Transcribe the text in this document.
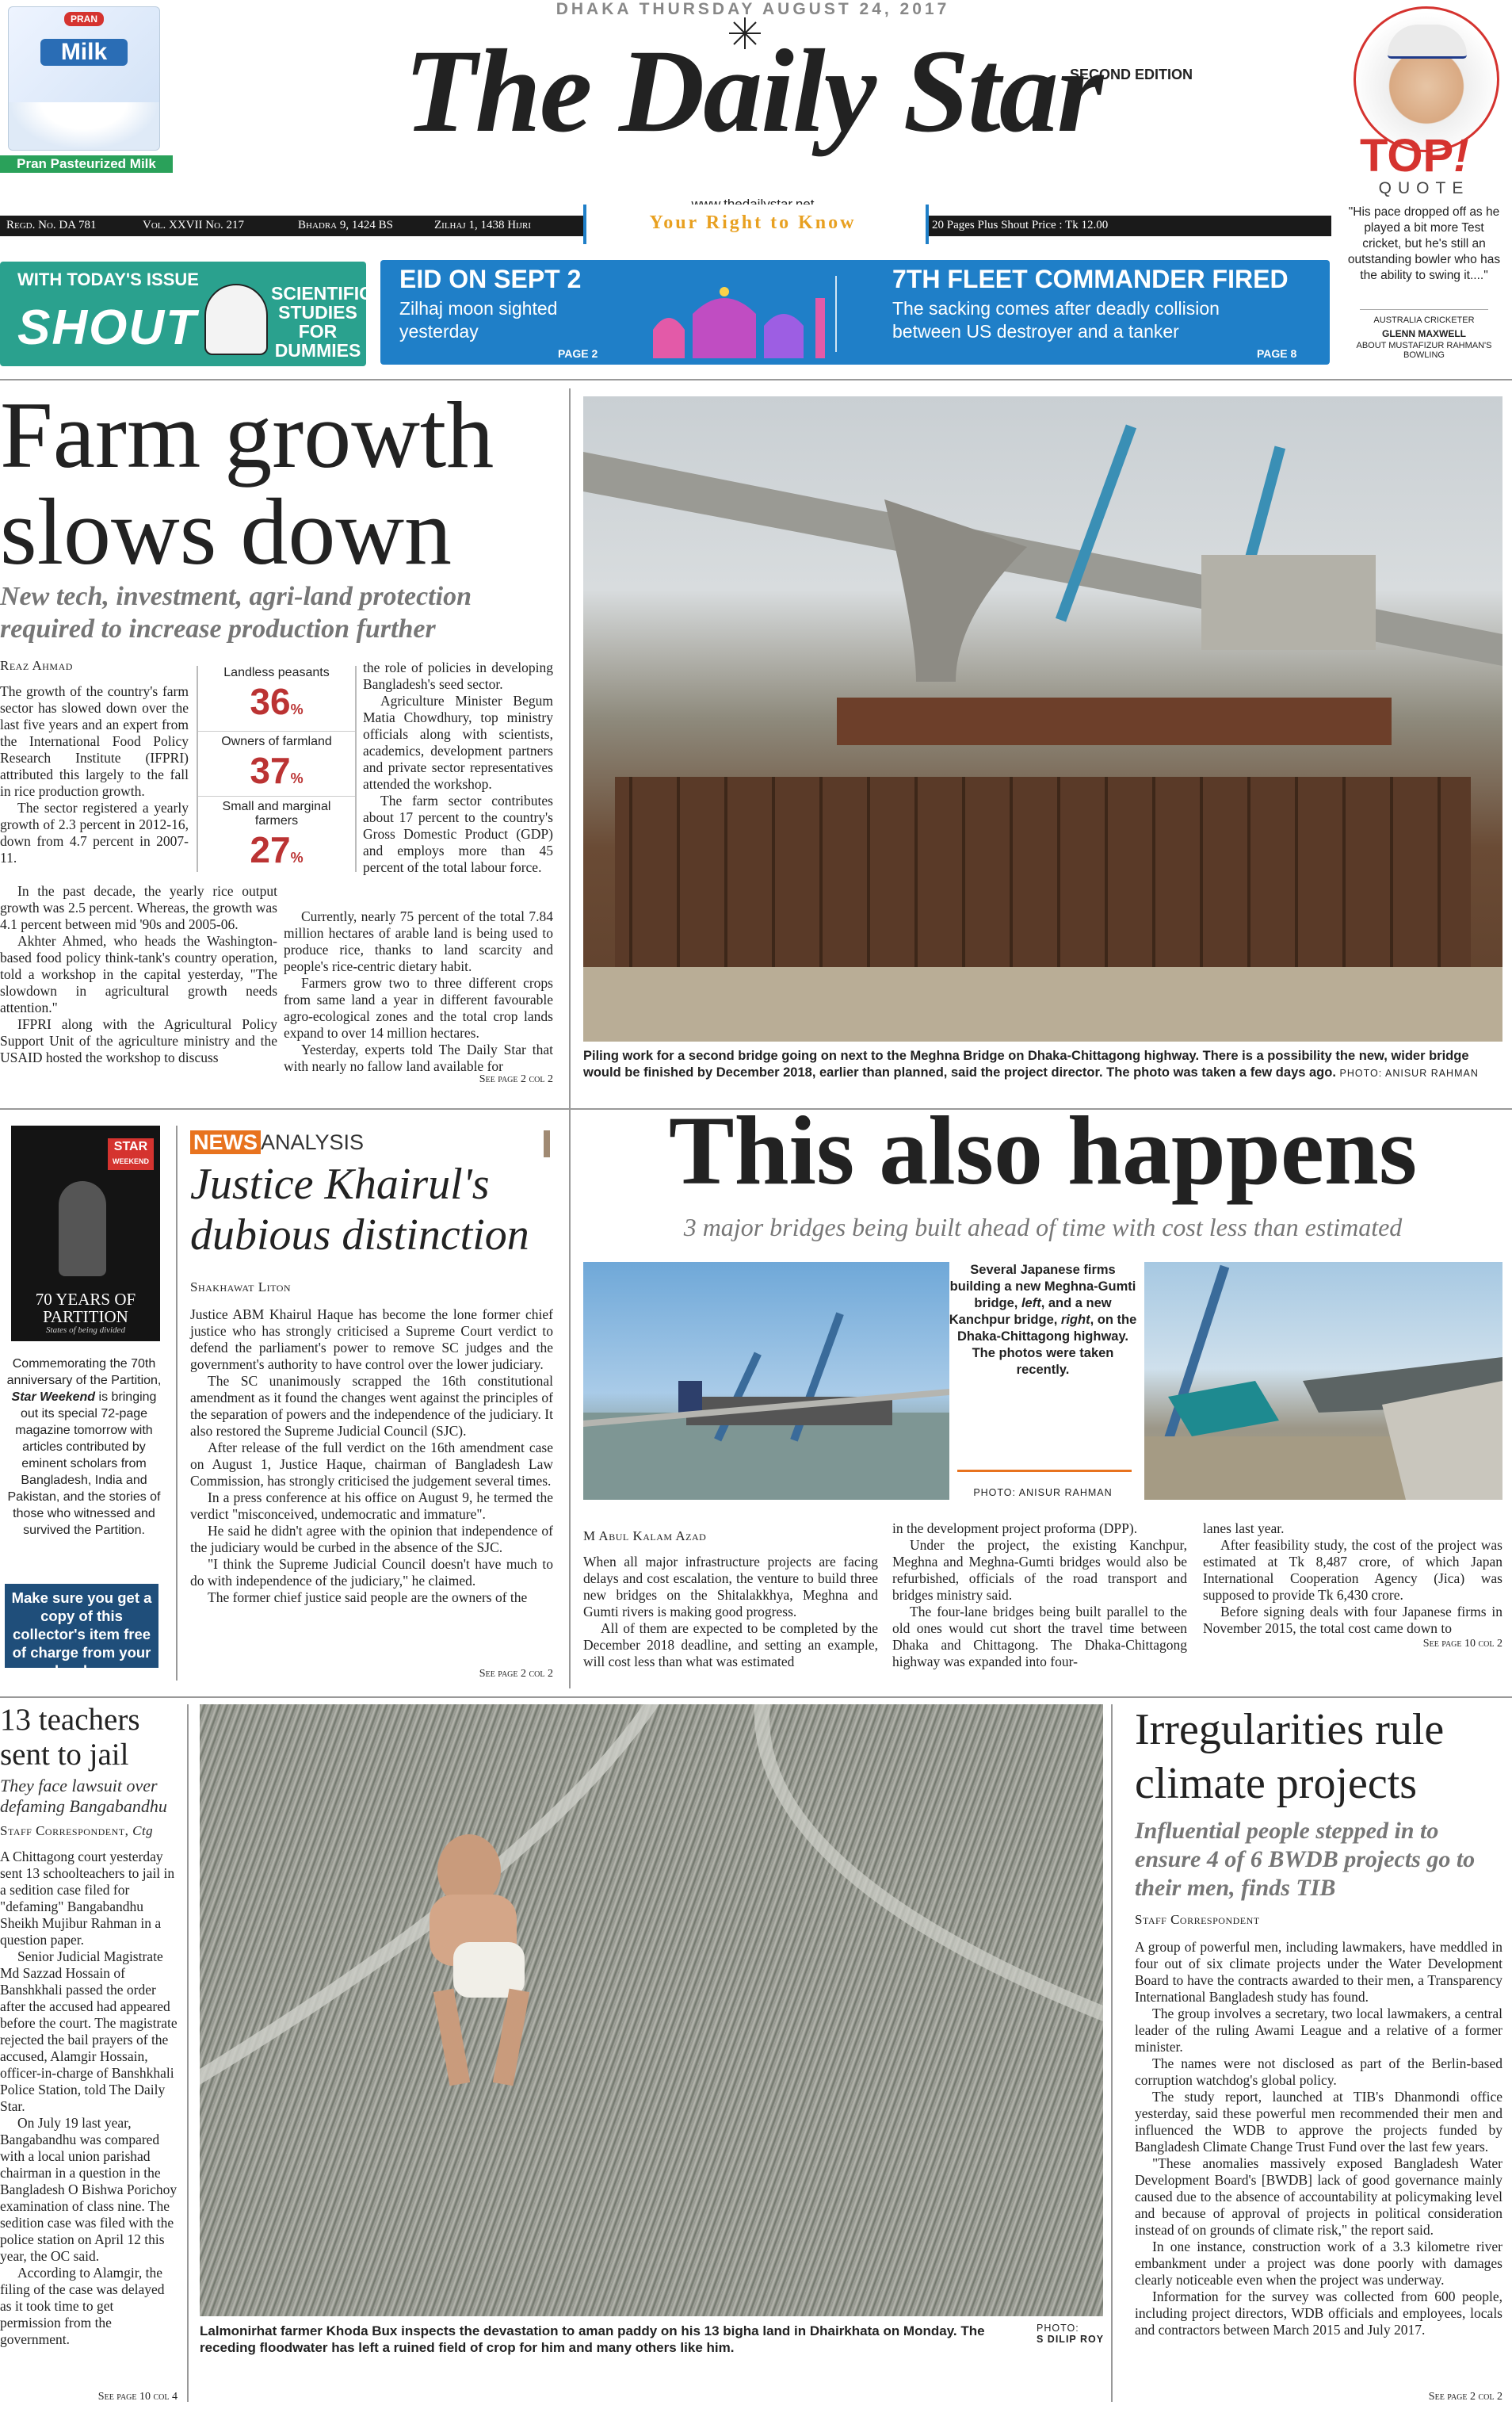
PRAN
Milk
Pran Pasteurized Milk
DHAKA THURSDAY AUGUST 24, 2017
The Daily Star
SECOND EDITION
Regd. No. DA 781	Vol. XXVII No. 217	Bhadra 9, 1424 BS	Zilhaj 1, 1438 Hijri	Your Right to Know	20 Pages Plus Shout Price : Tk 12.00
TOP!
QUOTE
"His pace dropped off as he played a bit more Test cricket, but he's still an outstanding bowler who has the ability to swing it...."
AUSTRALIA CRICKETER
GLENN MAXWELL
ABOUT MUSTAFIZUR RAHMAN'S BOWLING
WITH TODAY'S ISSUE
SHOUT
SCIENTIFIC
STUDIES FOR
DUMMIES
EID ON SEPT 2

Zilhaj moon sighted yesterday

PAGE 2
7TH FLEET COMMANDER FIRED

The sacking comes after deadly collision between US destroyer and a tanker

PAGE 8
Farm growth slows down
New tech, investment, agri-land protection required to increase production further
Reaz Ahmad

The growth of the country's farm sector has slowed down over the last five years and an expert from the International Food Policy Research Institute (IFPRI) attributed this largely to the fall in rice production growth.

The sector registered a yearly growth of 2.3 percent in 2012-16, down from 4.7 percent in 2007-11.

In the past decade, the yearly rice output growth was 2.5 percent. Whereas, the growth was 4.1 percent between mid '90s and 2005-06.

Akhter Ahmed, who heads the Washington-based food policy think-tank's country operation, told a workshop in the capital yesterday, "The slowdown in agricultural growth needs attention."

IFPRI along with the Agricultural Policy Support Unit of the agriculture ministry and the USAID hosted the workshop to discuss

Landless peasants
36%
Owners of farmland
37%
Small and marginal farmers
27%

the role of policies in developing Bangladesh's seed sector.

Agriculture Minister Begum Matia Chowdhury, top ministry officials along with scientists, academics, development partners and private sector representatives attended the workshop.

The farm sector contributes about 17 percent to the country's Gross Domestic Product (GDP) and employs more than 45 percent of the total labour force.

Currently, nearly 75 percent of the total 7.84 million hectares of arable land is being used to produce rice, thanks to land scarcity and people's rice-centric dietary habit.

Farmers grow two to three different crops from same land a year in different favourable agro-ecological zones and the total crop lands expand to over 14 million hectares.

Yesterday, experts told The Daily Star that with nearly no fallow land available for

See page 2 col 2
Piling work for a second bridge going on next to the Meghna Bridge on Dhaka-Chittagong highway. There is a possibility the new, wider bridge would be finished by December 2018, earlier than planned, said the project director. The photo was taken a few days ago. PHOTO: ANISUR RAHMAN
STAR
WEEKEND
70 YEARS OF PARTITION
States of being divided
Commemorating the 70th anniversary of the Partition, Star Weekend is bringing out its special 72-page magazine tomorrow with articles contributed by eminent scholars from Bangladesh, India and Pakistan, and the stories of those who witnessed and survived the Partition.
Make sure you get a copy of this collector's item free of charge from your hawker.
NEWS ANALYSIS
Justice Khairul's dubious distinction
Shakhawat Liton

Justice ABM Khairul Haque has become the lone former chief justice who has strongly criticised a Supreme Court verdict to defend the parliament's power to remove SC judges and the government's authority to have control over the lower judiciary.

The SC unanimously scrapped the 16th constitutional amendment as it found the changes went against the principles of the separation of powers and the independence of the judiciary. It also restored the Supreme Judicial Council (SJC).

After release of the full verdict on the 16th amendment case on August 1, Justice Haque, chairman of Bangladesh Law Commission, has strongly criticised the judgement several times.

In a press conference at his office on August 9, he termed the verdict "misconceived, undemocratic and immature".

He said he didn't agree with the opinion that independence of the judiciary would be curbed in the absence of the SJC.

"I think the Supreme Judicial Council doesn't have much to do with independence of the judiciary," he claimed.

The former chief justice said people are the owners of the

See page 2 col 2
This also happens
3 major bridges being built ahead of time with cost less than estimated
Several Japanese firms building a new Meghna-Gumti bridge, left, and a new Kanchpur bridge, right, on the Dhaka-Chittagong highway. The photos were taken recently.
PHOTO: ANISUR RAHMAN
M Abul Kalam Azad

When all major infrastructure projects are facing delays and cost escalation, the venture to build three new bridges on the Shitalakkhya, Meghna and Gumti rivers is making good progress.

All of them are expected to be completed by the December 2018 deadline, and setting an example, will cost less than what was estimated

in the development project proforma (DPP).

Under the project, the existing Kanchpur, Meghna and Meghna-Gumti bridges would also be refurbished, officials of the road transport and bridges ministry said.

The four-lane bridges being built parallel to the old ones would cut short the travel time between Dhaka and Chittagong. The Dhaka-Chittagong highway was expanded into four-

lanes last year.

After feasibility study, the cost of the project was estimated at Tk 8,487 crore, of which Japan International Cooperation Agency (Jica) was supposed to provide Tk 6,430 crore.

Before signing deals with four Japanese firms in November 2015, the total cost came down to

See page 10 col 2
13 teachers sent to jail
They face lawsuit over defaming Bangabandhu
Staff Correspondent, Ctg

A Chittagong court yesterday sent 13 schoolteachers to jail in a sedition case filed for "defaming" Bangabandhu Sheikh Mujibur Rahman in a question paper.

Senior Judicial Magistrate Md Sazzad Hossain of Banshkhali passed the order after the accused had appeared before the court. The magistrate rejected the bail prayers of the accused, Alamgir Hossain, officer-in-charge of Banshkhali Police Station, told The Daily Star.

On July 19 last year, Bangabandhu was compared with a local union parishad chairman in a question in the Bangladesh O Bishwa Porichoy examination of class nine. The sedition case was filed with the police station on April 12 this year, the OC said.

According to Alamgir, the filing of the case was delayed as it took time to get permission from the government.

See page 10 col 4
Lalmonirhat farmer Khoda Bux inspects the devastation to aman paddy on his 13 bigha land in Dhairkhata on Monday. The receding floodwater has left a ruined field of crop for him and many others like him.
PHOTO:
S DILIP ROY
Irregularities rule climate projects
Influential people stepped in to ensure 4 of 6 BWDB projects go to their men, finds TIB
Staff Correspondent

A group of powerful men, including lawmakers, have meddled in four out of six climate projects under the Water Development Board to have the contracts awarded to their men, a Transparency International Bangladesh study has found.

The group involves a secretary, two local lawmakers, a central leader of the ruling Awami League and a relative of a former minister.

The names were not disclosed as part of the Berlin-based corruption watchdog's global policy.

The study report, launched at TIB's Dhanmondi office yesterday, said these powerful men recommended their men and influenced the WDB to approve the projects funded by Bangladesh Climate Change Trust Fund over the last few years.

"These anomalies massively exposed Bangladesh Water Development Board's [BWDB] lack of good governance mainly caused due to the absence of accountability at policymaking level and because of approval of projects in political consideration instead of on grounds of climate risk," the report said.

In one instance, construction work of a 3.3 kilometre river embankment under a project was done poorly with damages clearly noticeable even when the project was underway.

Information for the survey was collected from 600 people, including project directors, WDB officials and employees, locals and contractors between March 2015 and July 2017.

See page 2 col 2
